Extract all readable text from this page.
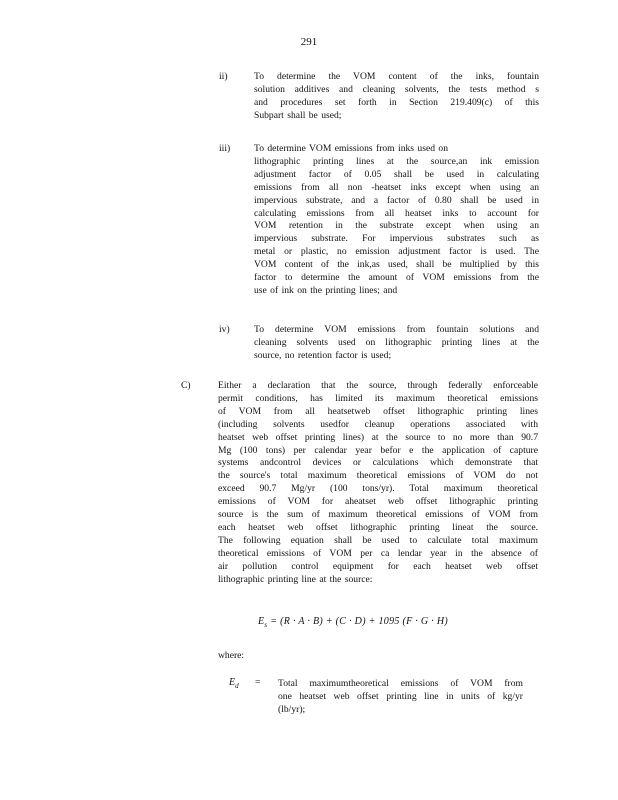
291
ii)	To determine the VOM content of the inks, fountain
solution additives and cleaning solvents, the tests method s
and procedures set forth in Section 219.409(c) of this
Subpart shall be used;
iii) To determine VOM emissions from inks used on
lithographic printing lines at the source,an ink emission
adjustment factor of 0.05 shall be used in calculating
emissions from all non -heatset inks except when using an
impervious substrate, and a factor of 0.80 shall be used in
calculating emissions from all heatset inks to account for
VOM retention in the substrate except when using an
impervious substrate. For impervious substrates such as
metal or plastic, no emission adjustment factor is used. The
VOM content of the ink,as used, shall be multiplied by this
factor to determine the amount of VOM emissions from the
use of ink on the printing lines; and
iv)	To determine VOM emissions from fountain solutions and
cleaning solvents used on lithographic printing lines at the
source, no retention factor is used;
C)	Either a declaration that the source, through federally enforceable
permit conditions, has limited its maximum theoretical emissions
of VOM from all heatsetweb offset lithographic printing lines
(including solvents usedfor cleanup operations associated with
heatset web offset printing lines) at the source to no more than 90.7
Mg (100 tons) per calendar year befor e the application of capture
systems andcontrol devices or calculations which demonstrate that
the source's total maximum theoretical emissions of VOM do not
exceed 90.7 Mg/yr (100 tons/yr). Total maximum theoretical
emissions of VOM for aheatset web offset lithographic printing
source is the sum of maximum theoretical emissions of VOM from
each heatset web offset lithographic printing lineat the source.
The following equation shall be used to calculate total maximum
theoretical emissions of VOM per ca lendar year in the absence of
air pollution control equipment for each heatset web offset
lithographic printing line at the source:
$E_s = (R \cdot A \cdot B) + (C \cdot D) + 1095$ (F · G · H)
where:
$E_d$ = Total maximumtheoretical emissions of VOM from
one heatset web offset printing line in units of kg/yr
(lb/yr);
